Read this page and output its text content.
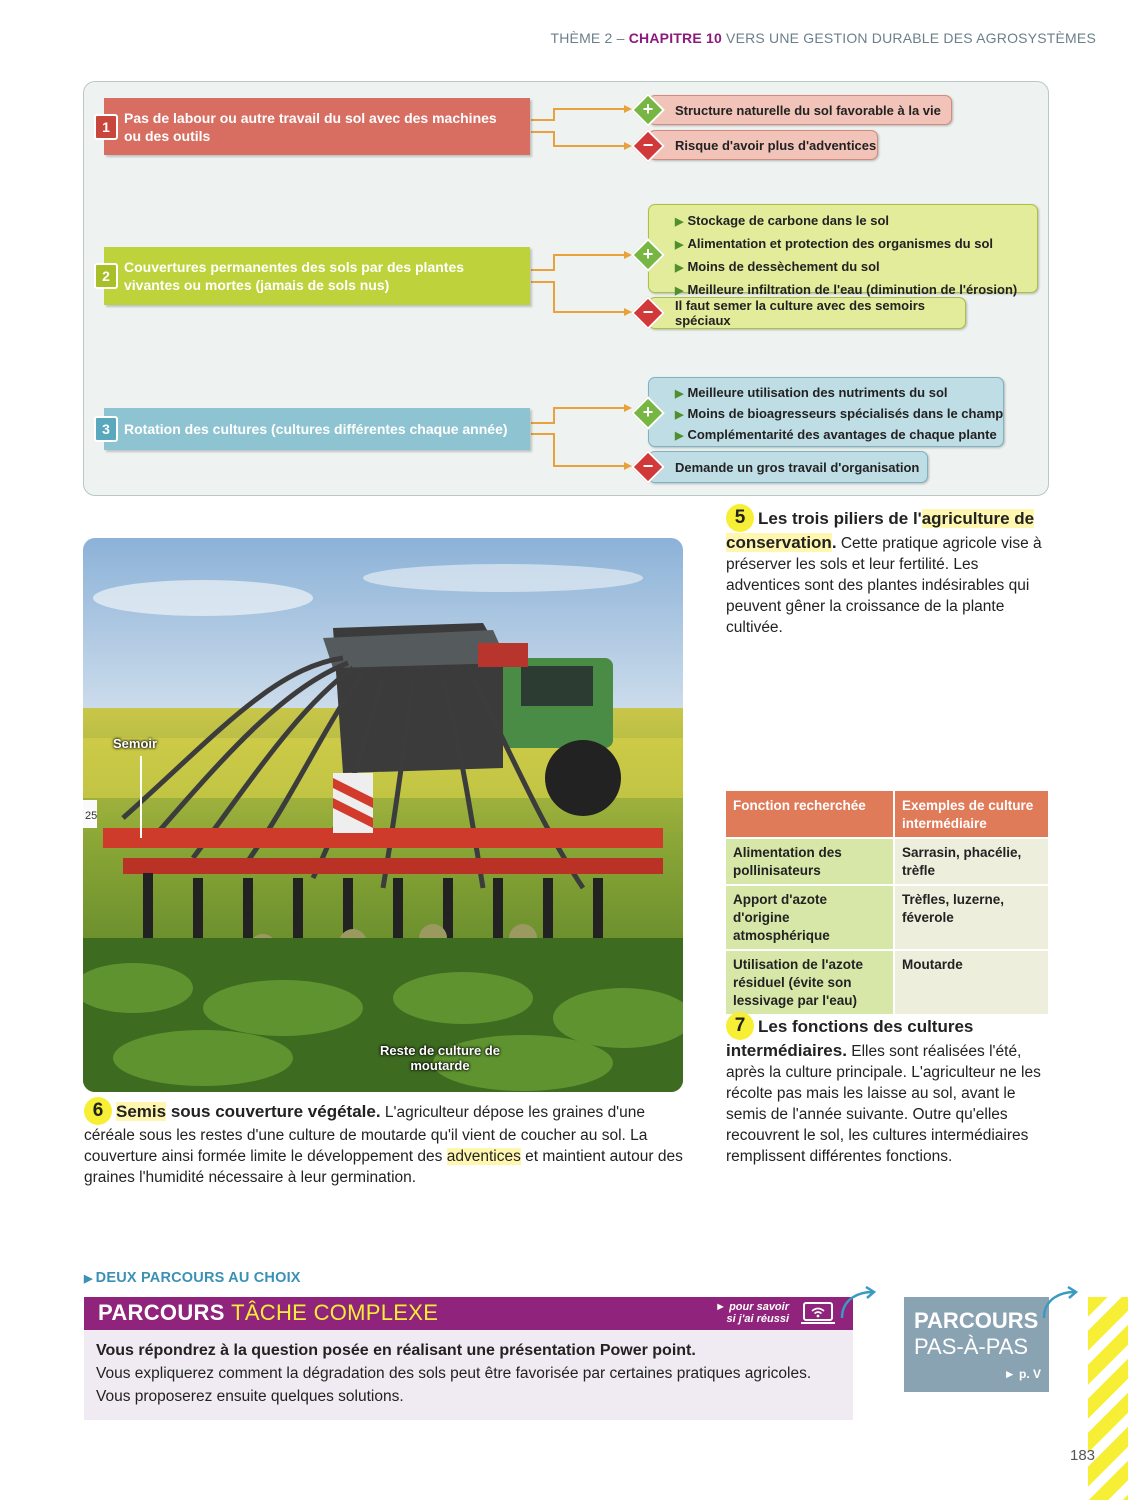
THÈME 2 – CHAPITRE 10 VERS UNE GESTION DURABLE DES AGROSYSTÈMES
1
Pas de labour ou autre travail du sol avec des machines ou des outils
Structure naturelle du sol favorable à la vie
Risque d'avoir plus d'adventices
+
−
2
Couvertures permanentes des sols par des plantes vivantes ou mortes (jamais de sols nus)
▶ Stockage de carbone dans le sol
▶ Alimentation et protection des organismes du sol
▶ Moins de dessèchement du sol
▶ Meilleure infiltration de l'eau (diminution de l'érosion)
Il faut semer la culture avec des semoirs spéciaux
+
−
3	Rotation des cultures (cultures différentes chaque année)
▶ Meilleure utilisation des nutriments du sol
▶ Moins de bioagresseurs spécialisés dans le champ
▶ Complémentarité des avantages de chaque plante
Demande un gros travail d'organisation
+
−
25
Semoir
Reste de culture de moutarde
5 Les trois piliers de l'agriculture de conservation. Cette pratique agricole vise à préserver les sols et leur fertilité. Les adventices sont des plantes indésirables qui peuvent gêner la croissance de la plante cultivée.
6 Semis sous couverture végétale. L'agriculteur dépose les graines d'une céréale sous les restes d'une culture de moutarde qu'il vient de coucher au sol. La couverture ainsi formée limite le développement des adventices et maintient autour des graines l'humidité nécessaire à leur germination.
Fonction recherchée	Exemples de culture intermédiaire
Alimentation des pollinisateurs	Sarrasin, phacélie, trèfle
Apport d'azote d'origine atmosphérique	Trèfles, luzerne, féverole
Utilisation de l'azote résiduel (évite son lessivage par l'eau)	Moutarde
7 Les fonctions des cultures intermédiaires. Elles sont réalisées l'été, après la culture principale. L'agriculteur ne les récolte pas mais les laisse au sol, avant le semis de l'année suivante. Outre qu'elles recouvrent le sol, les cultures intermédiaires remplissent différentes fonctions.
▶ DEUX PARCOURS AU CHOIX
PARCOURS TÂCHE COMPLEXE	► pour savoir
si j'ai réussi
Vous répondrez à la question posée en réalisant une présentation Power point.
Vous expliquerez comment la dégradation des sols peut être favorisée par certaines pratiques agricoles. Vous proposerez ensuite quelques solutions.
PARCOURS
PAS-À-PAS
► p. V
183
